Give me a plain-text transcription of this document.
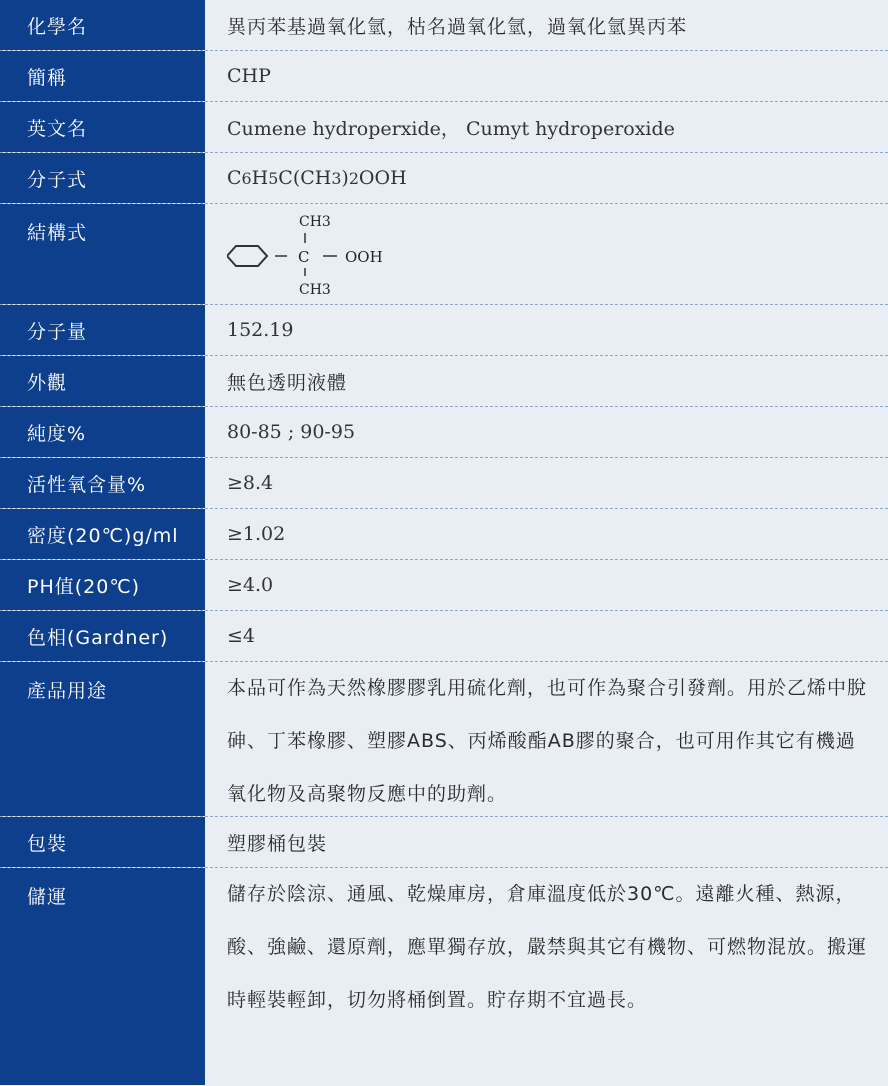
化學名	異丙苯基過氧化氫，枯名過氧化氫，過氧化氫異丙苯
簡稱	CHP
英文名	Cumene hydroperxide， Cumyt hydroperoxide
分子式	C 6 H 5 C(CH 3 ) 2 OOH
結構式	CH3
C OOH
CH3
分子量	152.19
外觀	無色透明液體
純度%	80-85 ; 90-95
活性氧含量%	≥8.4
密度(20℃)g/ml	≥1.02
PH值(20℃)	≥4.0
色相(Gardner)	≤4
產品用途	本品可作為天然橡膠膠乳用硫化劑，也可作為聚合引發劑。用於乙烯中脫砷、丁苯橡膠、塑膠ABS、丙烯酸酯AB膠的聚合，也可用作其它有機過氧化物及高聚物反應中的助劑。
包裝	塑膠桶包裝
儲運	儲存於陰涼、通風、乾燥庫房，倉庫溫度低於30℃。遠離火種、熱源，酸、強鹼、還原劑，應單獨存放，嚴禁與其它有機物、可燃物混放。搬運時輕裝輕卸，切勿將桶倒置。貯存期不宜過長。
